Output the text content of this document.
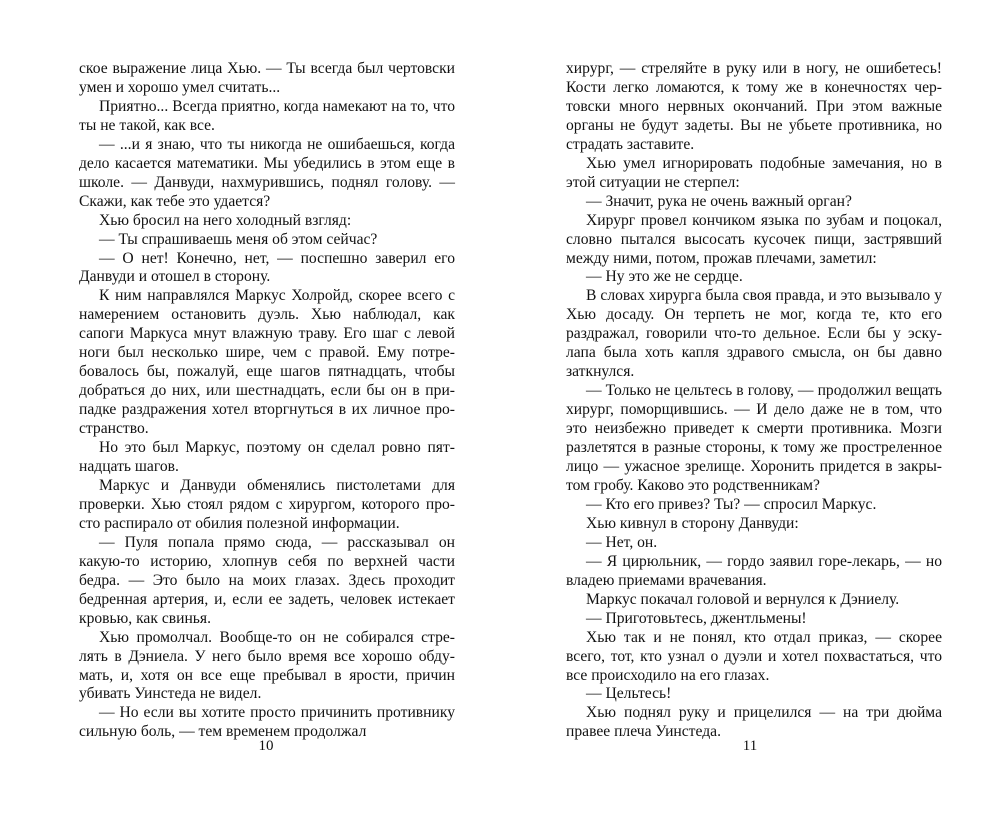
ское выражение лица Хью. — Ты всегда был чертовски умен и хорошо умел считать...

Приятно... Всегда приятно, когда намекают на то, что ты не такой, как все.

— ...и я знаю, что ты никогда не ошибаешься, когда дело касается математики. Мы убедились в этом еще в школе. — Данвуди, нахмурившись, поднял голову. — Скажи, как тебе это удается?

Хью бросил на него холодный взгляд:

— Ты спрашиваешь меня об этом сейчас?

— О нет! Конечно, нет, — поспешно заверил его Данвуди и отошел в сторону.

К ним направлялся Маркус Холройд, скорее всего с намерением остановить дуэль. Хью наблюдал, как сапоги Маркуса мнут влажную траву. Его шаг с левой ноги был несколько шире, чем с правой. Ему потребовалось бы, пожалуй, еще шагов пятнадцать, чтобы добраться до них, или шестнадцать, если бы он в припадке раздражения хотел вторгнуться в их личное пространство.

Но это был Маркус, поэтому он сделал ровно пятнадцать шагов.

Маркус и Данвуди обменялись пистолетами для проверки. Хью стоял рядом с хирургом, которого просто распирало от обилия полезной информации.

— Пуля попала прямо сюда, — рассказывал он какую-то историю, хлопнув себя по верхней части бедра. — Это было на моих глазах. Здесь проходит бедренная артерия, и, если ее задеть, человек истекает кровью, как свинья.

Хью промолчал. Вообще-то он не собирался стрелять в Дэниела. У него было время все хорошо обдумать, и, хотя он все еще пребывал в ярости, причин убивать Уинстеда не видел.

— Но если вы хотите просто причинить противнику сильную боль, — тем временем продолжал

10

хирург, — стреляйте в руку или в ногу, не ошибетесь! Кости легко ломаются, к тому же в конечностях чертовски много нервных окончаний. При этом важные органы не будут задеты. Вы не убьете противника, но страдать заставите.

Хью умел игнорировать подобные замечания, но в этой ситуации не стерпел:

— Значит, рука не очень важный орган?

Хирург провел кончиком языка по зубам и поцокал, словно пытался высосать кусочек пищи, застрявший между ними, потом, прожав плечами, заметил:

— Ну это же не сердце.

В словах хирурга была своя правда, и это вызывало у Хью досаду. Он терпеть не мог, когда те, кто его раздражал, говорили что-то дельное. Если бы у эскулапа была хоть капля здравого смысла, он бы давно заткнулся.

— Только не цельтесь в голову, — продолжил вещать хирург, поморщившись. — И дело даже не в том, что это неизбежно приведет к смерти противника. Мозги разлетятся в разные стороны, к тому же простреленное лицо — ужасное зрелище. Хоронить придется в закрытом гробу. Каково это родственникам?

— Кто его привез? Ты? — спросил Маркус.

Хью кивнул в сторону Данвуди:

— Нет, он.

— Я цирюльник, — гордо заявил горе-лекарь, — но владею приемами врачевания.

Маркус покачал головой и вернулся к Дэниелу.

— Приготовьтесь, джентльмены!

Хью так и не понял, кто отдал приказ, — скорее всего, тот, кто узнал о дуэли и хотел похвастаться, что все происходило на его глазах.

— Цельтесь!

Хью поднял руку и прицелился — на три дюйма правее плеча Уинстеда.

11
